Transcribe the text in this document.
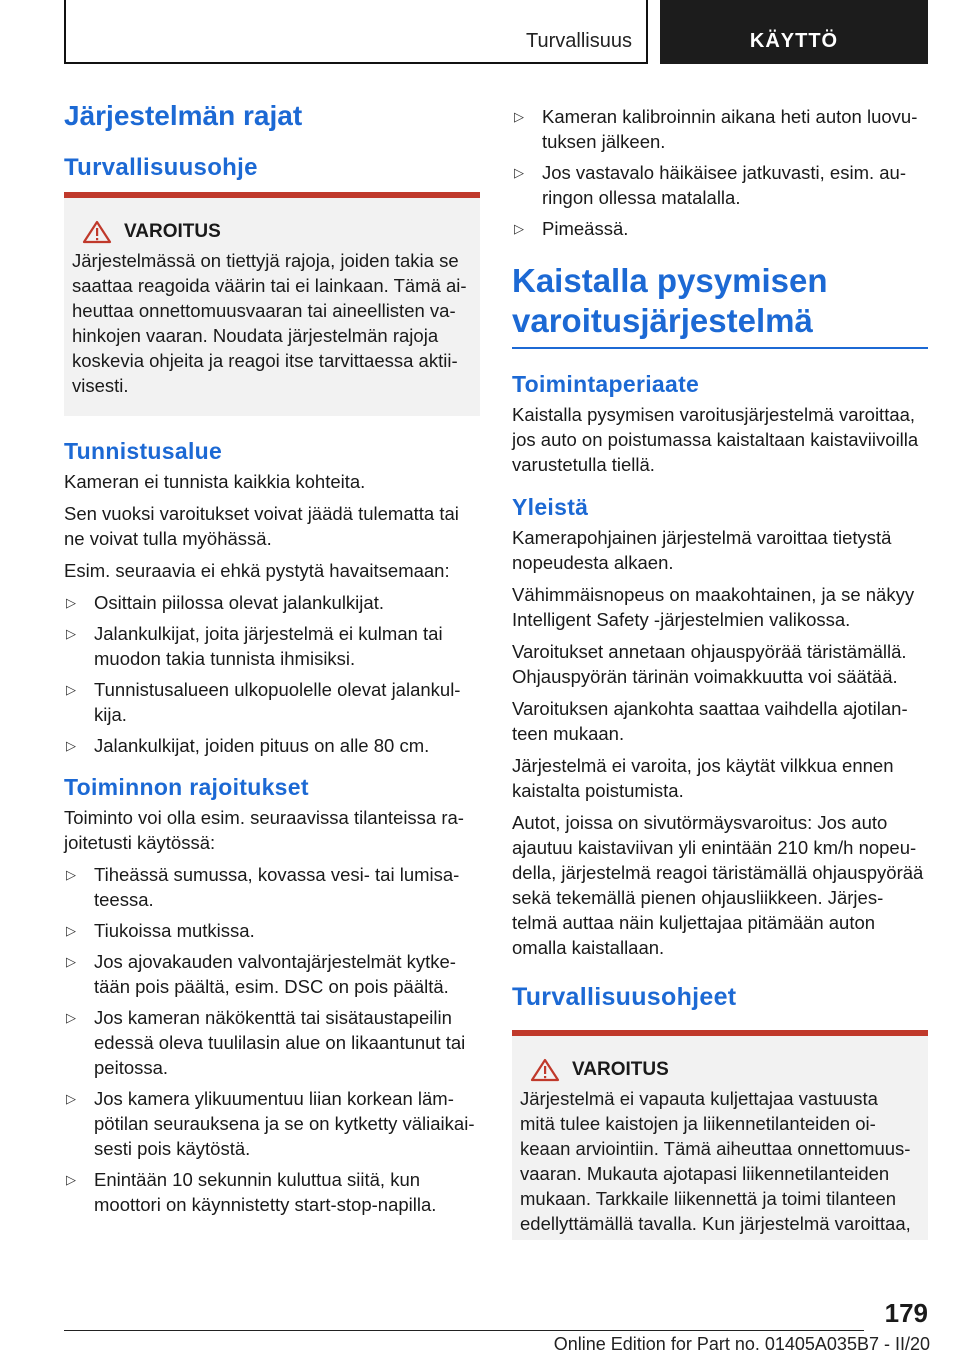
Turvallisuus	KÄYTTÖ
Järjestelmän rajat
Turvallisuusohje
VAROITUS

Järjestelmässä on tiettyjä rajoja, joiden takia se

saattaa reagoida väärin tai ei lainkaan. Tämä ai-

heuttaa onnettomuusvaaran tai aineellisten va-

hinkojen vaaran. Noudata järjestelmän rajoja

koskevia ohjeita ja reagoi itse tarvittaessa aktii-

visesti.

Tunnistusalue

Kameran ei tunnista kaikkia kohteita.

Sen vuoksi varoitukset voivat jäädä tulematta tai
ne voivat tulla myöhässä.

Esim. seuraavia ei ehkä pystytä havaitsemaan:

▷ Osittain piilossa olevat jalankulkijat.
▷ Jalankulkijat, joita järjestelmä ei kulman tai
muodon takia tunnista ihmisiksi.
▷ Tunnistusalueen ulkopuolelle olevat jalankul-
kija.
▷ Jalankulkijat, joiden pituus on alle 80 cm.
Toiminnon rajoitukset

Toiminto voi olla esim. seuraavissa tilanteissa ra-
joitetusti käytössä:

▷ Tiheässä sumussa, kovassa vesi- tai lumisa-
teessa.
▷ Tiukoissa mutkissa.
▷ Jos ajovakauden valvontajärjestelmät kytke-
tään pois päältä, esim. DSC on pois päältä.
▷ Jos kameran näkökenttä tai sisätaustapeilin
edessä oleva tuulilasin alue on likaantunut tai
peitossa.
▷ Jos kamera ylikuumentuu liian korkean läm-
pötilan seurauksena ja se on kytketty väliaikai-
sesti pois käytöstä.
▷ Enintään 10 sekunnin kuluttua siitä, kun
moottori on käynnistetty start-stop-napilla.
▷ Kameran kalibroinnin aikana heti auton luovu-
tuksen jälkeen.
▷ Jos vastavalo häikäisee jatkuvasti, esim. au-
ringon ollessa matalalla.
▷ Pimeässä.
Kaistalla pysymisen
varoitusjärjestelmä
Toimintaperiaate

Kaistalla pysymisen varoitusjärjestelmä varoittaa,
jos auto on poistumassa kaistaltaan kaistaviivoilla
varustetulla tiellä.

Yleistä

Kamerapohjainen järjestelmä varoittaa tietystä
nopeudesta alkaen.

Vähimmäisnopeus on maakohtainen, ja se näkyy
Intelligent Safety -järjestelmien valikossa.

Varoitukset annetaan ohjauspyörää täristämällä.
Ohjauspyörän tärinän voimakkuutta voi säätää.

Varoituksen ajankohta saattaa vaihdella ajotilan-
teen mukaan.

Järjestelmä ei varoita, jos käytät vilkkua ennen
kaistalta poistumista.

Autot, joissa on sivutörmäysvaroitus: Jos auto
ajautuu kaistaviivan yli enintään 210 km/h nopeu-
della, järjestelmä reagoi täristämällä ohjauspyörää
sekä tekemällä pienen ohjausliikkeen. Järjes-
telmä auttaa näin kuljettajaa pitämään auton
omalla kaistallaan.

Turvallisuusohjeet
VAROITUS

Järjestelmä ei vapauta kuljettajaa vastuusta

mitä tulee kaistojen ja liikennetilanteiden oi-

keaan arviointiin. Tämä aiheuttaa onnettomuus-

vaaran. Mukauta ajotapasi liikennetilanteiden

mukaan. Tarkkaile liikennettä ja toimi tilanteen

edellyttämällä tavalla. Kun järjestelmä varoittaa,

179
Online Edition for Part no. 01405A035B7 - II/20
